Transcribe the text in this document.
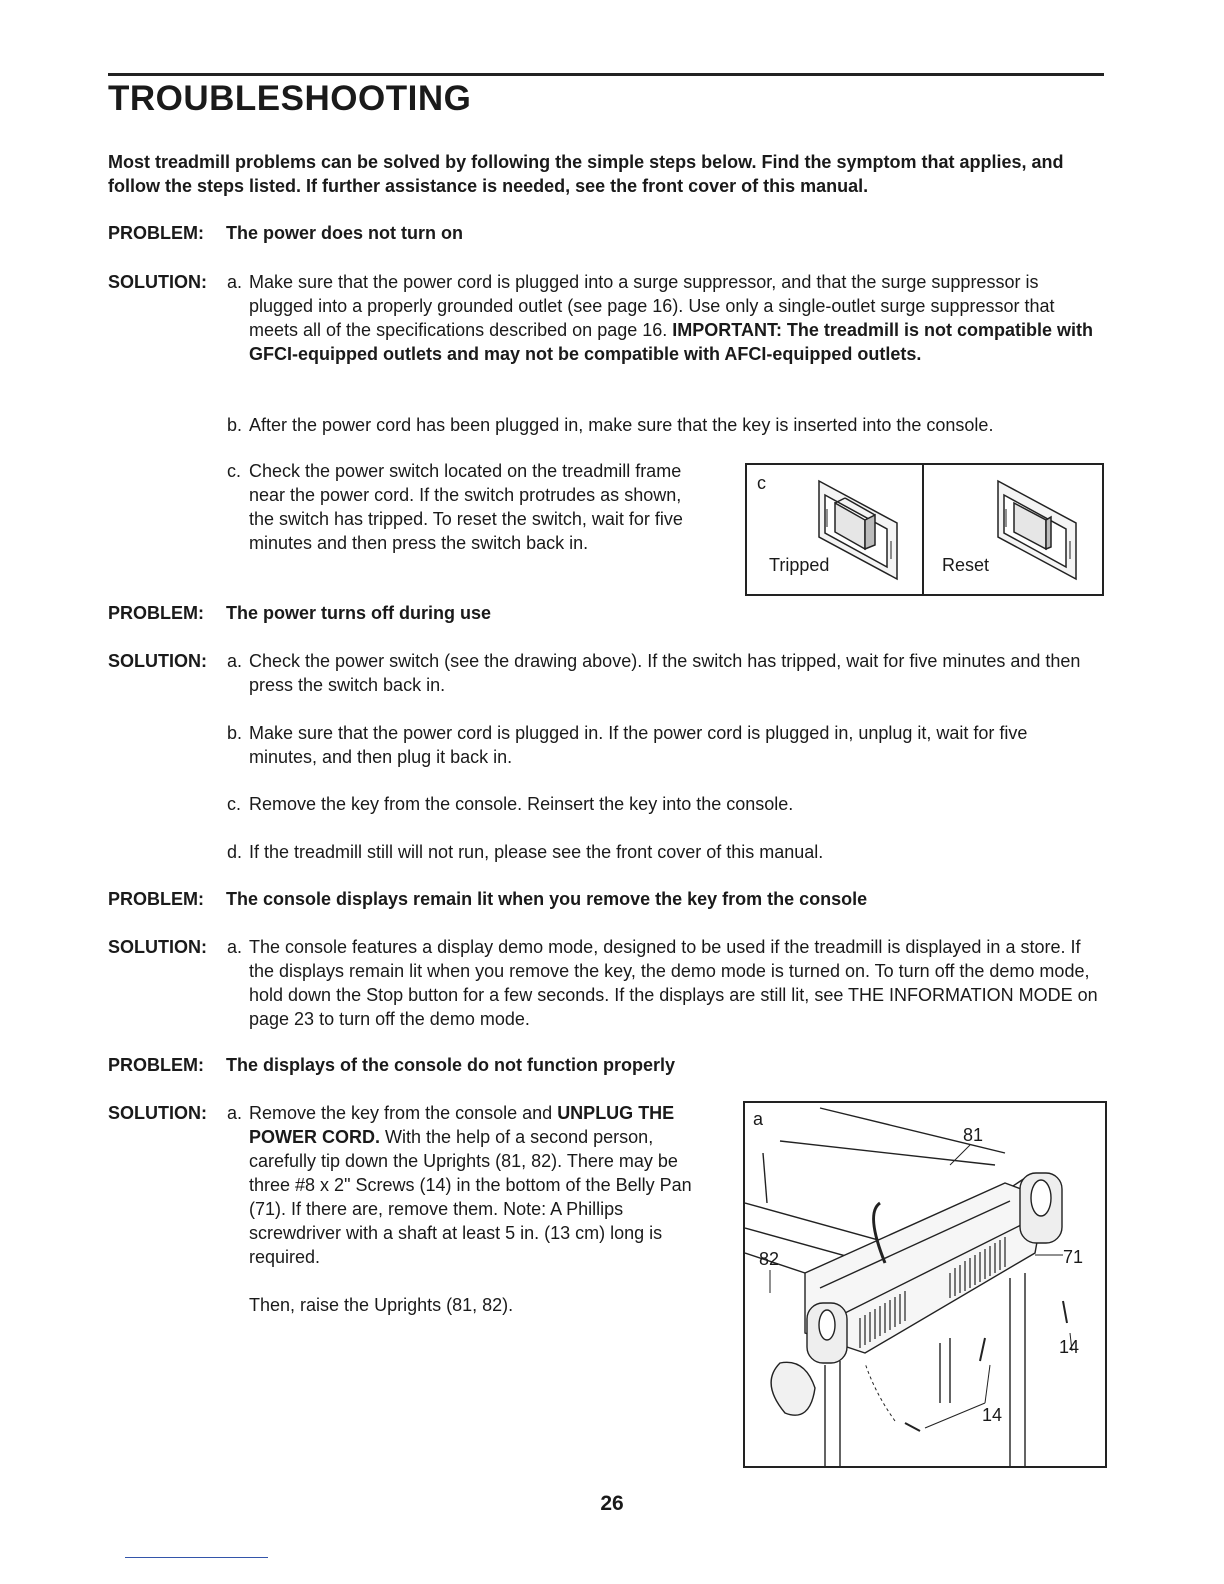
TROUBLESHOOTING
Most treadmill problems can be solved by following the simple steps below. Find the symptom that applies, and follow the steps listed. If further assistance is needed, see the front cover of this manual.
PROBLEM: The power does not turn on
SOLUTION: a. Make sure that the power cord is plugged into a surge suppressor, and that the surge suppressor is plugged into a properly grounded outlet (see page 16). Use only a single-outlet surge suppressor that meets all of the specifications described on page 16. IMPORTANT: The treadmill is not compatible with GFCI-equipped outlets and may not be compatible with AFCI-equipped outlets.
b. After the power cord has been plugged in, make sure that the key is inserted into the console.
c. Check the power switch located on the treadmill frame near the power cord. If the switch protrudes as shown, the switch has tripped. To reset the switch, wait for five minutes and then press the switch back in.
c
Tripped	Reset
PROBLEM: The power turns off during use
SOLUTION: a. Check the power switch (see the drawing above). If the switch has tripped, wait for five minutes and then press the switch back in.
b. Make sure that the power cord is plugged in. If the power cord is plugged in, unplug it, wait for five minutes, and then plug it back in.
c. Remove the key from the console. Reinsert the key into the console.
d. If the treadmill still will not run, please see the front cover of this manual.
PROBLEM: The console displays remain lit when you remove the key from the console
SOLUTION: a. The console features a display demo mode, designed to be used if the treadmill is displayed in a store. If the displays remain lit when you remove the key, the demo mode is turned on. To turn off the demo mode, hold down the Stop button for a few seconds. If the displays are still lit, see THE INFORMATION MODE on page 23 to turn off the demo mode.
PROBLEM: The displays of the console do not function properly
SOLUTION: a. Remove the key from the console and UNPLUG THE POWER CORD. With the help of a second person, carefully tip down the Uprights (81, 82). There may be three #8 x 2" Screws (14) in the bottom of the Belly Pan (71). If there are, remove them. Note: A Phillips screwdriver with a shaft at least 5 in. (13 cm) long is required.
Then, raise the Uprights (81, 82).
a
81
82	71
14
14
26
